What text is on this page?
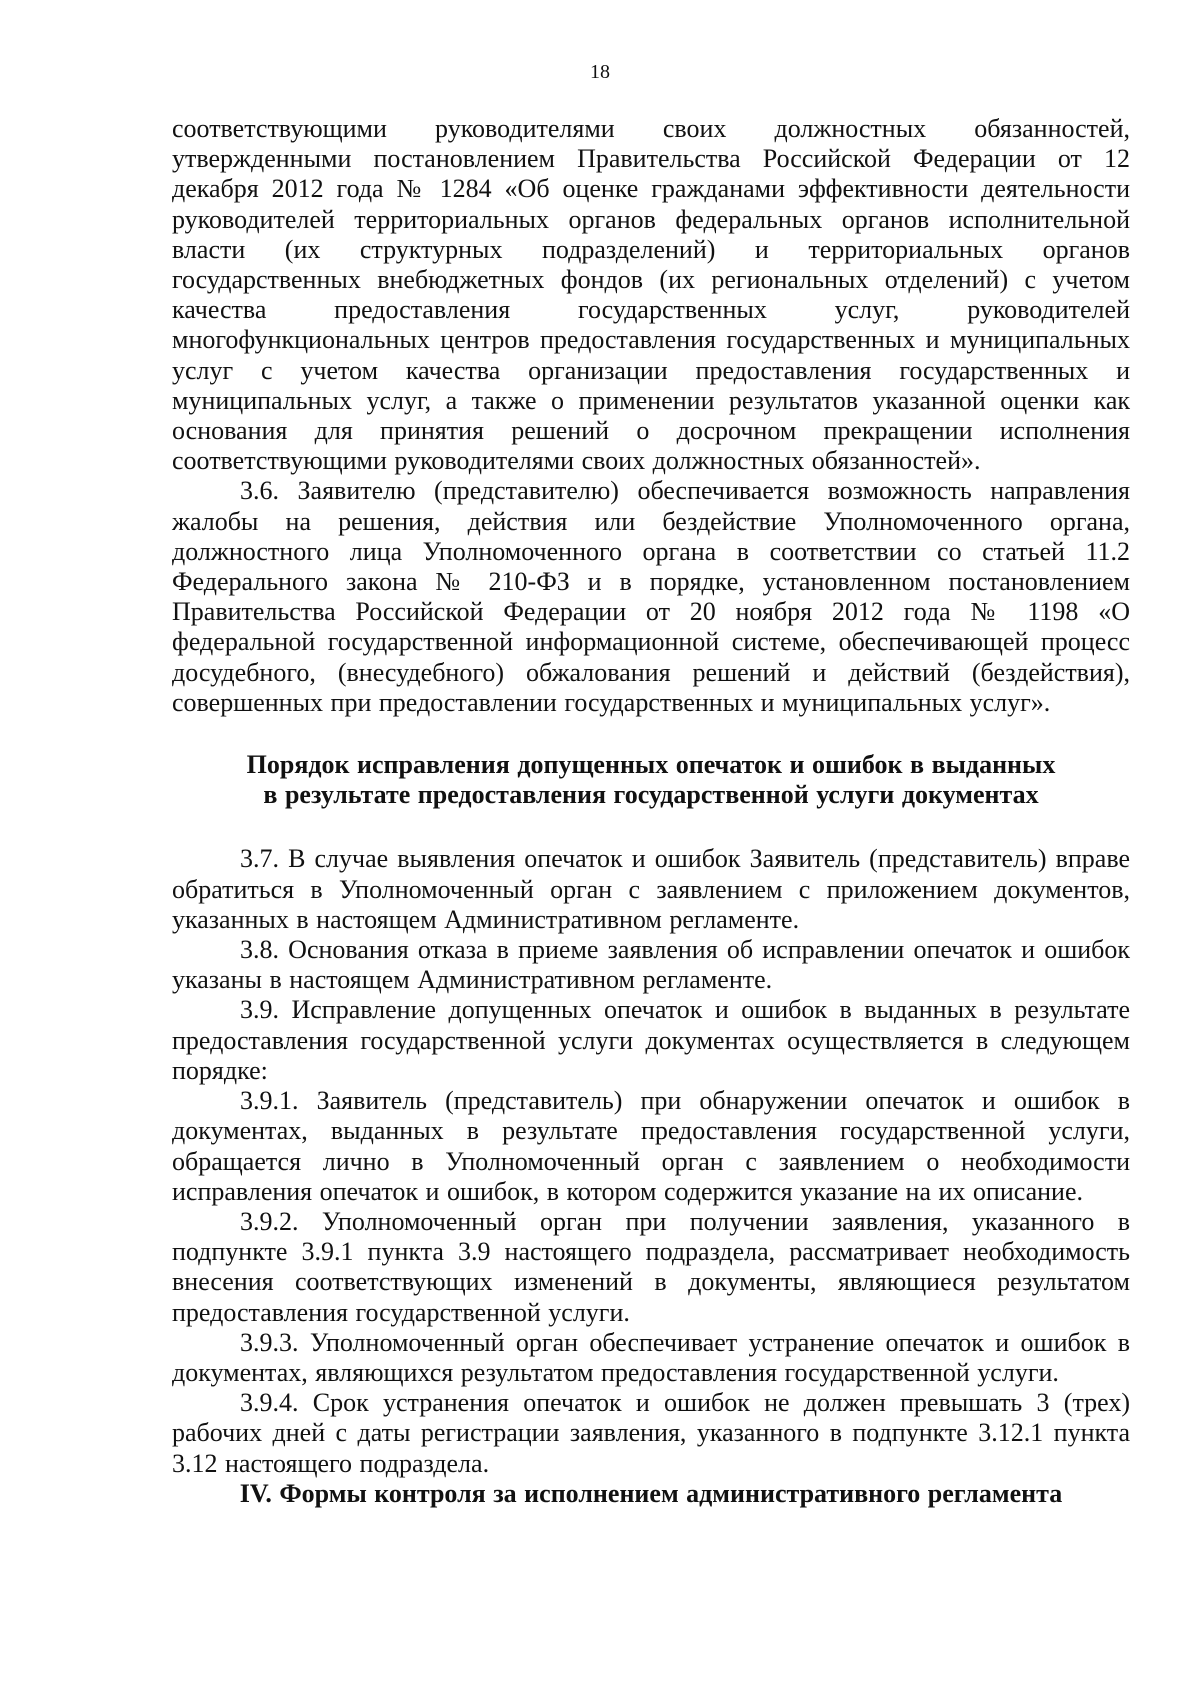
18

соответствующими руководителями своих должностных обязанностей, утвержденными постановлением Правительства Российской Федерации от 12 декабря 2012 года № 1284 «Об оценке гражданами эффективности деятельности руководителей территориальных органов федеральных органов исполнительной власти (их структурных подразделений) и территориальных органов государственных внебюджетных фондов (их региональных отделений) с учетом качества предоставления государственных услуг, руководителей многофункциональных центров предоставления государственных и муниципальных услуг с учетом качества организации предоставления государственных и муниципальных услуг, а также о применении результатов указанной оценки как основания для принятия решений о досрочном прекращении исполнения соответствующими руководителями своих должностных обязанностей».

3.6. Заявителю (представителю) обеспечивается возможность направления жалобы на решения, действия или бездействие Уполномоченного органа, должностного лица Уполномоченного органа в соответствии со статьей 11.2 Федерального закона № 210-ФЗ и в порядке, установленном постановлением Правительства Российской Федерации от 20 ноября 2012 года № 1198 «О федеральной государственной информационной системе, обеспечивающей процесс досудебного, (внесудебного) обжалования решений и действий (бездействия), совершенных при предоставлении государственных и муниципальных услуг».

Порядок исправления допущенных опечаток и ошибок в выданных

в результате предоставления государственной услуги документах

3.7. В случае выявления опечаток и ошибок Заявитель (представитель) вправе обратиться в Уполномоченный орган с заявлением с приложением документов, указанных в настоящем Административном регламенте.

3.8. Основания отказа в приеме заявления об исправлении опечаток и ошибок указаны в настоящем Административном регламенте.

3.9. Исправление допущенных опечаток и ошибок в выданных в результате предоставления государственной услуги документах осуществляется в следующем порядке:

3.9.1. Заявитель (представитель) при обнаружении опечаток и ошибок в документах, выданных в результате предоставления государственной услуги, обращается лично в Уполномоченный орган с заявлением о необходимости исправления опечаток и ошибок, в котором содержится указание на их описание.

3.9.2. Уполномоченный орган при получении заявления, указанного в подпункте 3.9.1 пункта 3.9 настоящего подраздела, рассматривает необходимость внесения соответствующих изменений в документы, являющиеся результатом предоставления государственной услуги.

3.9.3. Уполномоченный орган обеспечивает устранение опечаток и ошибок в документах, являющихся результатом предоставления государственной услуги.

3.9.4. Срок устранения опечаток и ошибок не должен превышать 3 (трех) рабочих дней с даты регистрации заявления, указанного в подпункте 3.12.1 пункта 3.12 настоящего подраздела.

IV. Формы контроля за исполнением административного регламента
